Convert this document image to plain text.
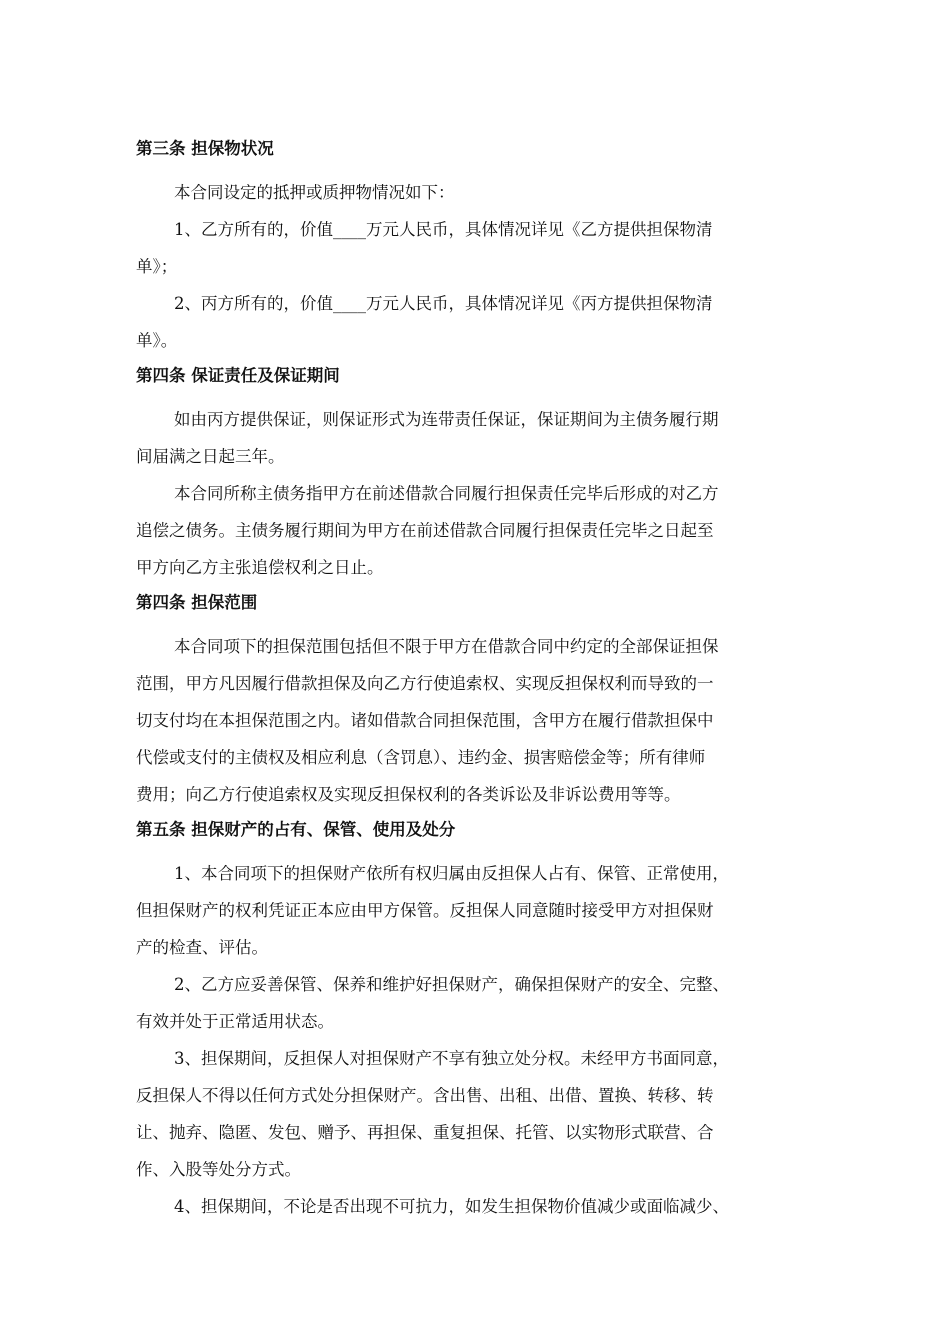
第三条 担保物状况
本合同设定的抵押或质押物情况如下：
1、乙方所有的，价值____万元人民币，具体情况详见《乙方提供担保物清
单》；
2、丙方所有的，价值____万元人民币，具体情况详见《丙方提供担保物清
单》。
第四条 保证责任及保证期间
如由丙方提供保证，则保证形式为连带责任保证，保证期间为主债务履行期
间届满之日起三年。
本合同所称主债务指甲方在前述借款合同履行担保责任完毕后形成的对乙方
追偿之债务。主债务履行期间为甲方在前述借款合同履行担保责任完毕之日起至
甲方向乙方主张追偿权利之日止。
第四条 担保范围
本合同项下的担保范围包括但不限于甲方在借款合同中约定的全部保证担保
范围，甲方凡因履行借款担保及向乙方行使追索权、实现反担保权利而导致的一
切支付均在本担保范围之内。诸如借款合同担保范围，含甲方在履行借款担保中
代偿或支付的主债权及相应利息（含罚息）、违约金、损害赔偿金等；所有律师
费用；向乙方行使追索权及实现反担保权利的各类诉讼及非诉讼费用等等。
第五条 担保财产的占有、保管、使用及处分
1、本合同项下的担保财产依所有权归属由反担保人占有、保管、正常使用，
但担保财产的权利凭证正本应由甲方保管。反担保人同意随时接受甲方对担保财
产的检查、评估。
2、乙方应妥善保管、保养和维护好担保财产，确保担保财产的安全、完整、
有效并处于正常适用状态。
3、担保期间，反担保人对担保财产不享有独立处分权。未经甲方书面同意，
反担保人不得以任何方式处分担保财产。含出售、出租、出借、置换、转移、转
让、抛弃、隐匿、发包、赠予、再担保、重复担保、托管、以实物形式联营、合
作、入股等处分方式。
4、担保期间，不论是否出现不可抗力，如发生担保物价值减少或面临减少、
